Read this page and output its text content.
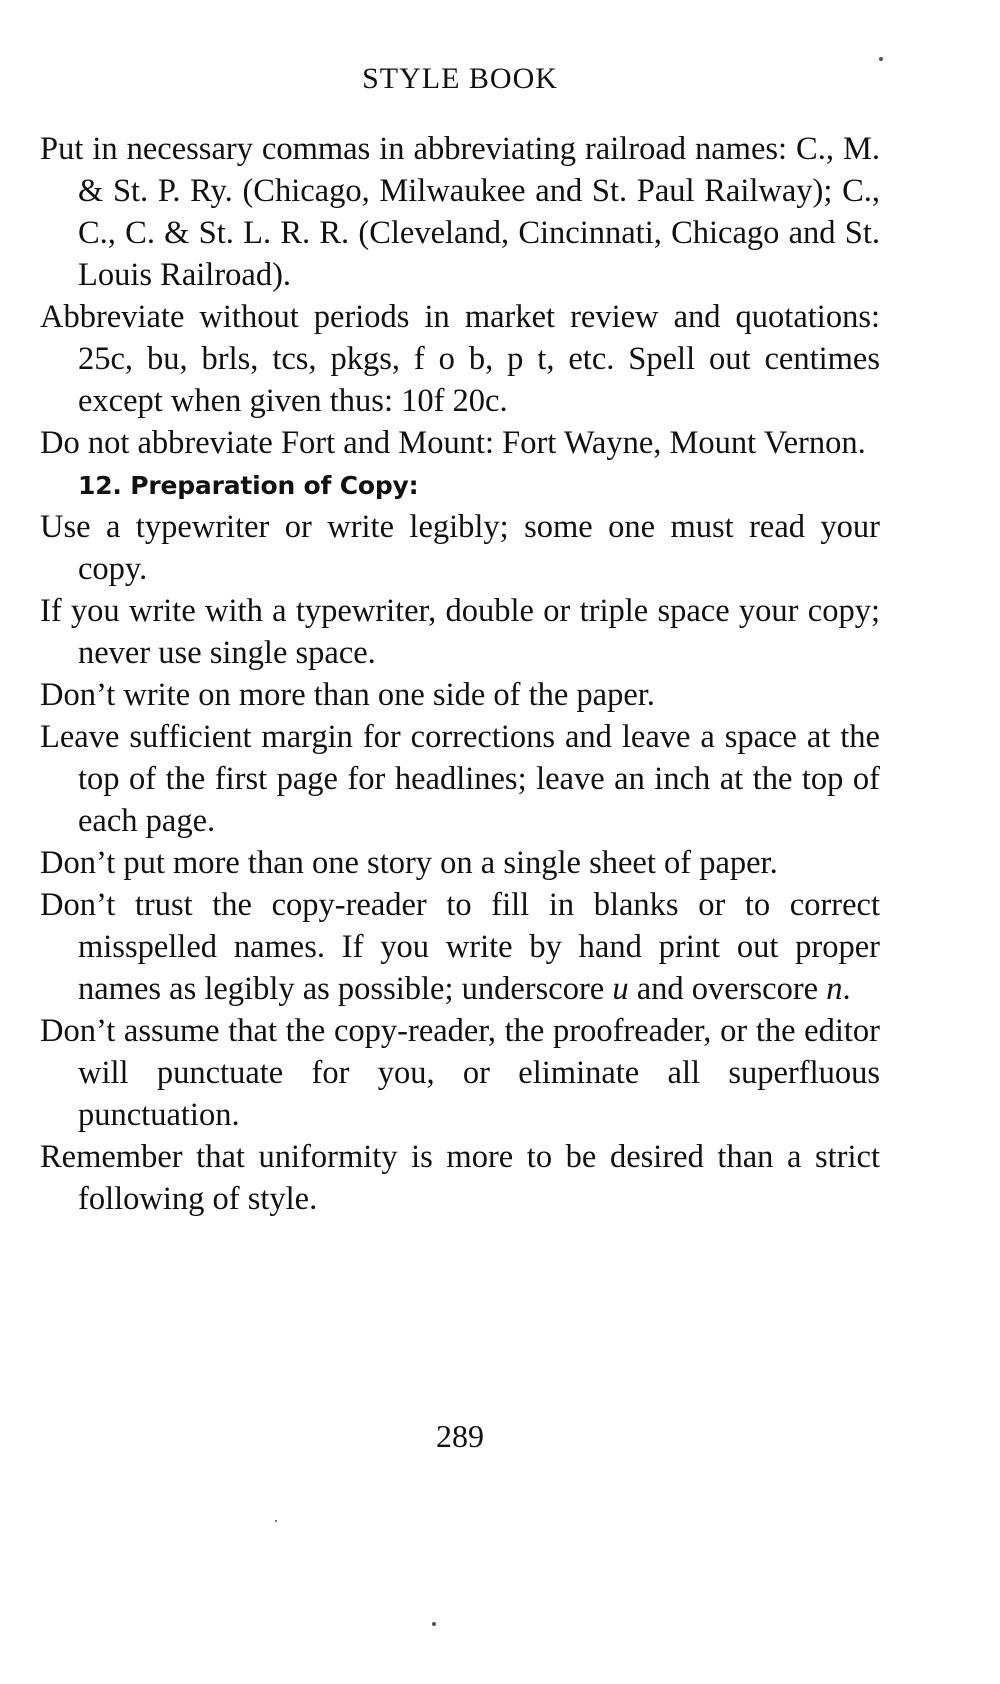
STYLE BOOK

Put in necessary commas in abbreviating railroad names: C., M. & St. P. Ry. (Chicago, Milwaukee and St. Paul Railway); C., C., C. & St. L. R. R. (Cleveland, Cincinnati, Chicago and St. Louis Railroad).

Abbreviate without periods in market review and quotations: 25c, bu, brls, tcs, pkgs, f o b, p t, etc. Spell out centimes except when given thus: 10f 20c.

Do not abbreviate Fort and Mount: Fort Wayne, Mount Vernon.

12. Preparation of Copy:

Use a typewriter or write legibly; some one must read your copy.

If you write with a typewriter, double or triple space your copy; never use single space.

Don’t write on more than one side of the paper.

Leave sufficient margin for corrections and leave a space at the top of the first page for headlines; leave an inch at the top of each page.

Don’t put more than one story on a single sheet of paper.

Don’t trust the copy-reader to fill in blanks or to correct misspelled names. If you write by hand print out proper names as legibly as possible; underscore u and overscore n.

Don’t assume that the copy-reader, the proofreader, or the editor will punctuate for you, or eliminate all superfluous punctuation.

Remember that uniformity is more to be desired than a strict following of style.

289
